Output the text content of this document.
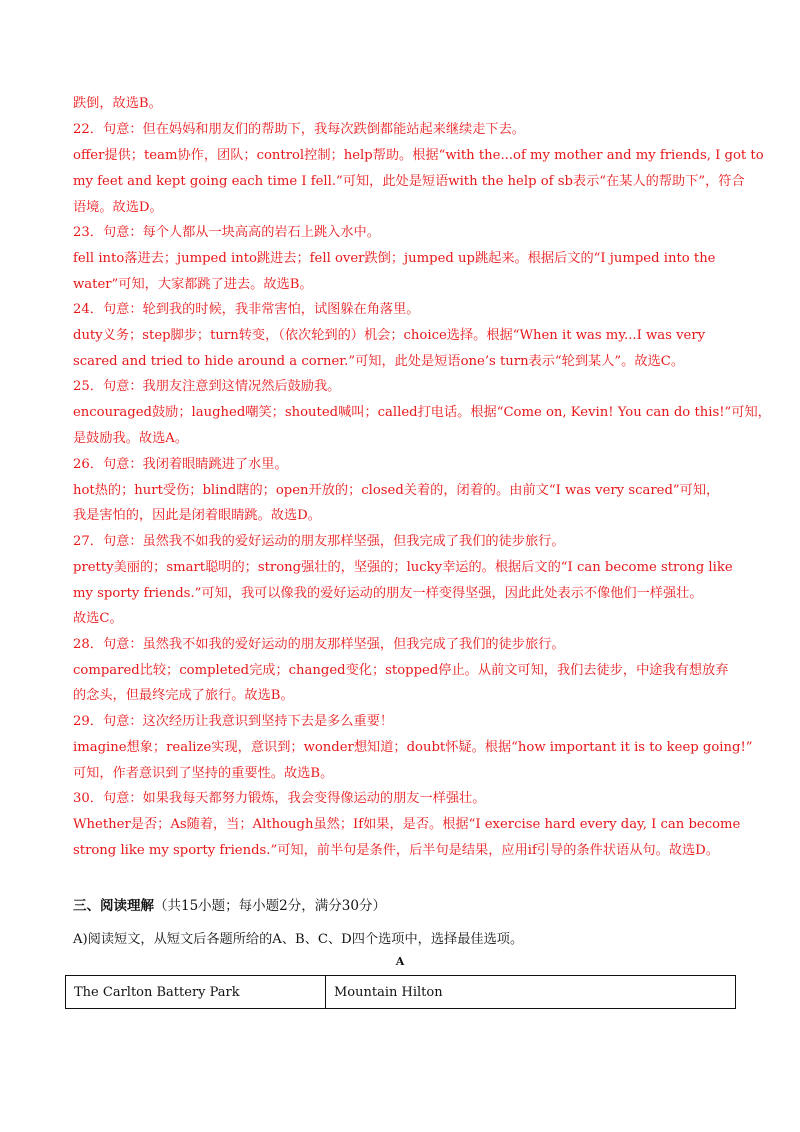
跌倒，故选B。
22．句意：但在妈妈和朋友们的帮助下，我每次跌倒都能站起来继续走下去。
offer提供；team协作，团队；control控制；help帮助。根据“with the...of my mother and my friends, I got to
my feet and kept going each time I fell.”可知，此处是短语with the help of sb表示“在某人的帮助下”，符合
语境。故选D。
23．句意：每个人都从一块高高的岩石上跳入水中。
fell into落进去；jumped into跳进去；fell over跌倒；jumped up跳起来。根据后文的“I jumped into the
water”可知，大家都跳了进去。故选B。
24．句意：轮到我的时候，我非常害怕，试图躲在角落里。
duty义务；step脚步；turn转变，（依次轮到的）机会；choice选择。根据“When it was my...I was very
scared and tried to hide around a corner.”可知，此处是短语one’s turn表示“轮到某人”。故选C。
25．句意：我朋友注意到这情况然后鼓励我。
encouraged鼓励；laughed嘲笑；shouted喊叫；called打电话。根据“Come on, Kevin! You can do this!”可知，
是鼓励我。故选A。
26．句意：我闭着眼睛跳进了水里。
hot热的；hurt受伤；blind瞎的；open开放的；closed关着的，闭着的。由前文“I was very scared”可知，
我是害怕的，因此是闭着眼睛跳。故选D。
27．句意：虽然我不如我的爱好运动的朋友那样坚强，但我完成了我们的徒步旅行。
pretty美丽的；smart聪明的；strong强壮的，坚强的；lucky幸运的。根据后文的“I can become strong like
my sporty friends.”可知，我可以像我的爱好运动的朋友一样变得坚强，因此此处表示不像他们一样强壮。
故选C。
28．句意：虽然我不如我的爱好运动的朋友那样坚强，但我完成了我们的徒步旅行。
compared比较；completed完成；changed变化；stopped停止。从前文可知，我们去徒步，中途我有想放弃
的念头，但最终完成了旅行。故选B。
29．句意：这次经历让我意识到坚持下去是多么重要！
imagine想象；realize实现，意识到；wonder想知道；doubt怀疑。根据“how important it is to keep going!”
可知，作者意识到了坚持的重要性。故选B。
30．句意：如果我每天都努力锻炼，我会变得像运动的朋友一样强壮。
Whether是否；As随着，当；Although虽然；If如果，是否。根据“I exercise hard every day, I can become
strong like my sporty friends.”可知，前半句是条件，后半句是结果，应用if引导的条件状语从句。故选D。
三、阅读理解（共15小题；每小题2分，满分30分）
A)阅读短文，从短文后各题所给的A、B、C、D四个选项中，选择最佳选项。
A
The Carlton Battery Park	Mountain Hilton
